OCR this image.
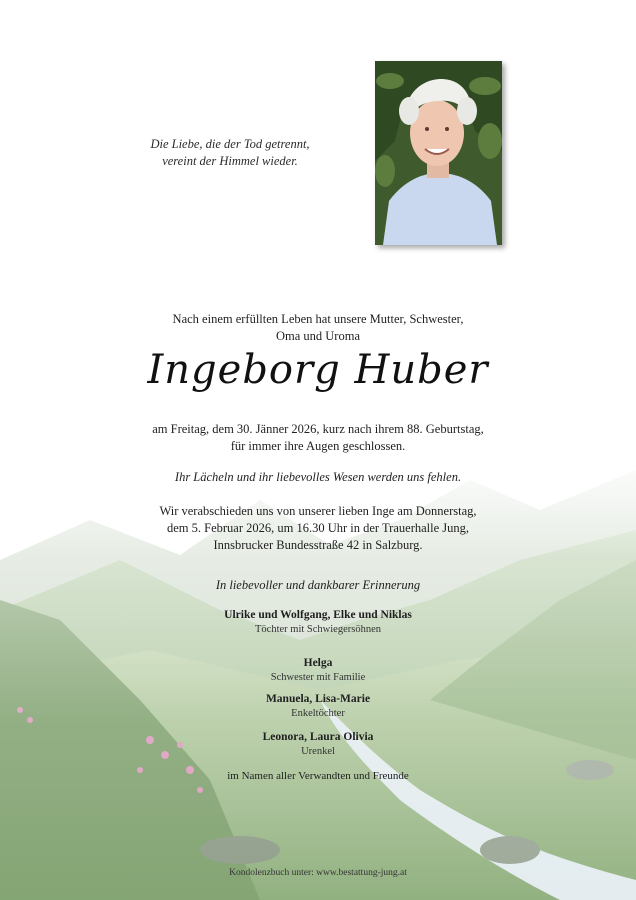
Die Liebe, die der Tod getrennt,
vereint der Himmel wieder.
Nach einem erfüllten Leben hat unsere Mutter, Schwester,
Oma und Uroma
Ingeborg Huber
am Freitag, dem 30. Jänner 2026, kurz nach ihrem 88. Geburtstag,
für immer ihre Augen geschlossen.
Ihr Lächeln und ihr liebevolles Wesen werden uns fehlen.
Wir verabschieden uns von unserer lieben Inge am Donnerstag,
dem 5. Februar 2026, um 16.30 Uhr in der Trauerhalle Jung,
Innsbrucker Bundesstraße 42 in Salzburg.
In liebevoller und dankbarer Erinnerung
Ulrike und Wolfgang, Elke und Niklas
Töchter mit Schwiegersöhnen
Helga
Schwester mit Familie
Manuela, Lisa-Marie
Enkeltöchter
Leonora, Laura Olivia
Urenkel
im Namen aller Verwandten und Freunde
Kondolenzbuch unter: www.bestattung-jung.at
